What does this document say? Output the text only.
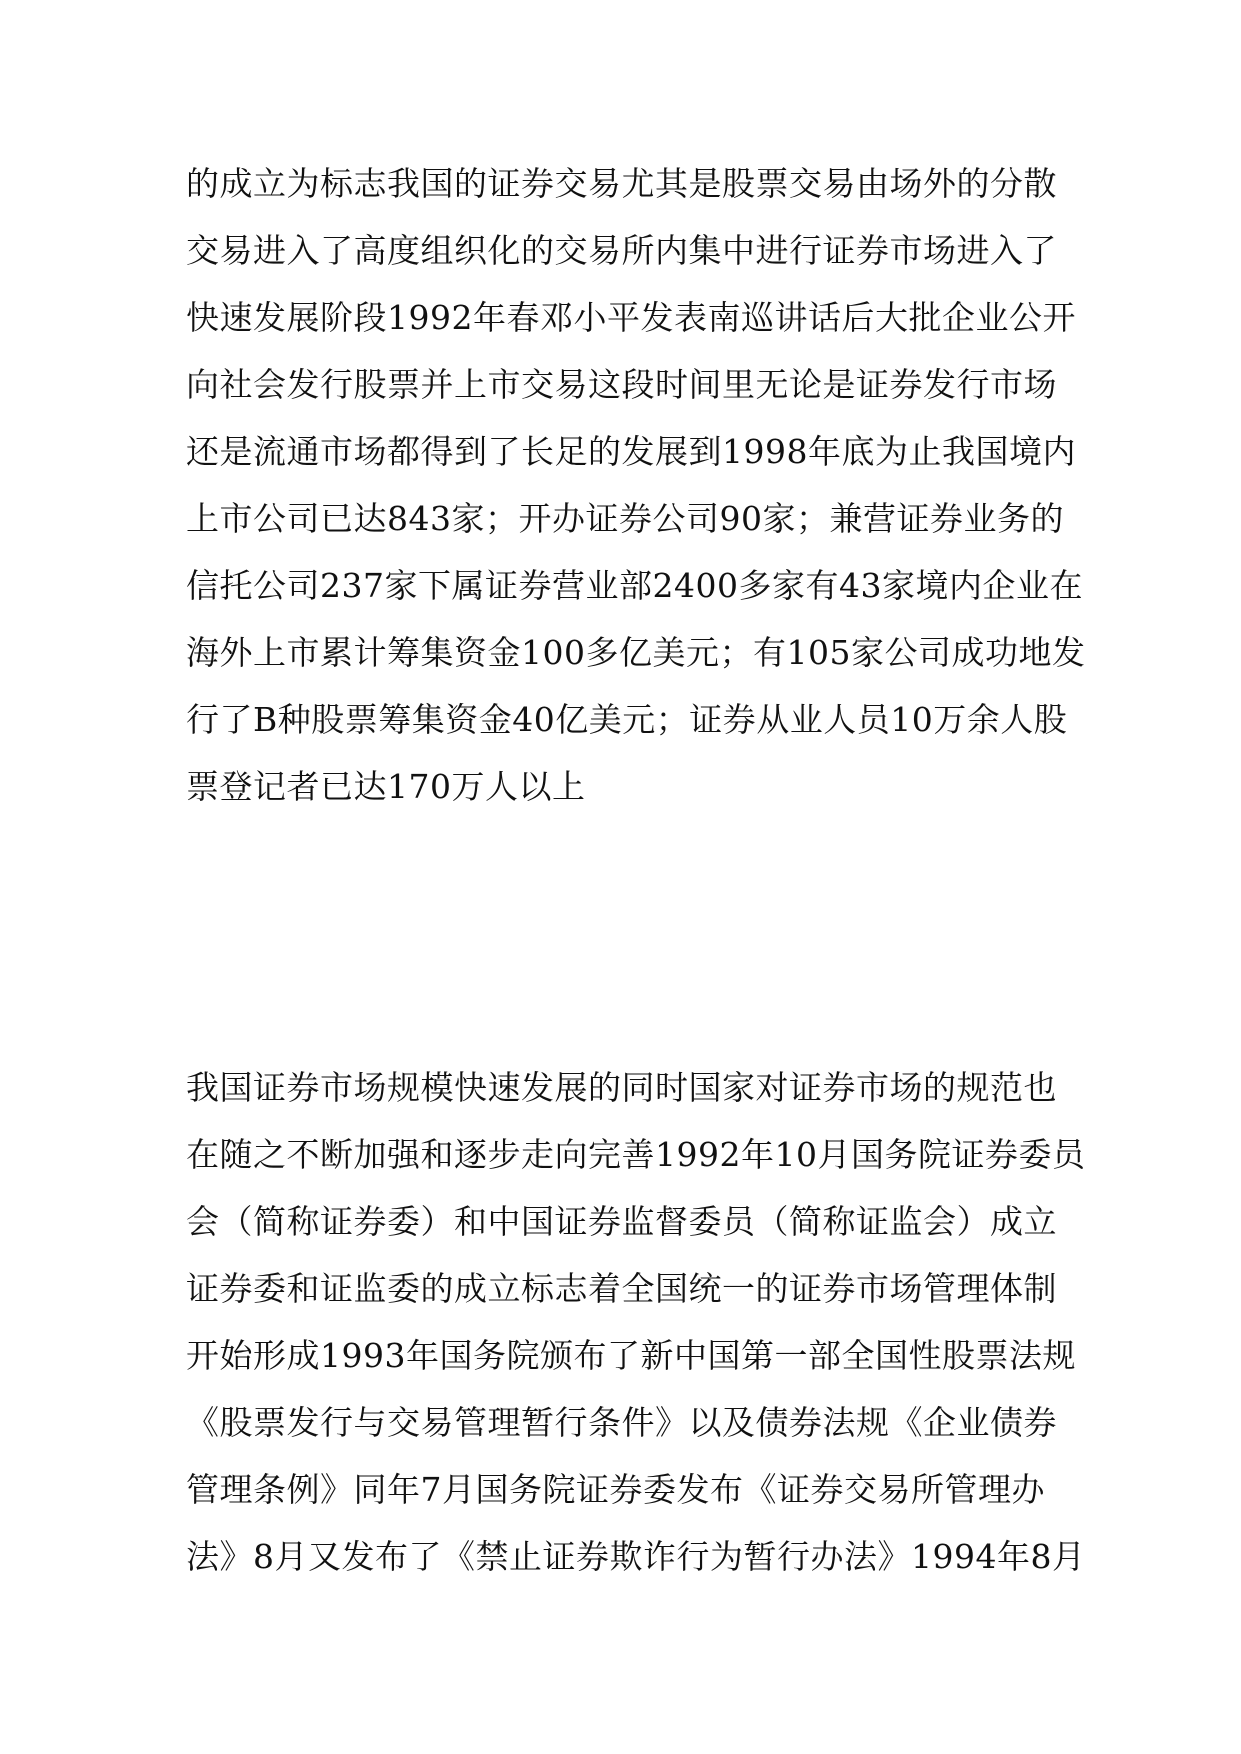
的成立为标志我国的证券交易尤其是股票交易由场外的分散
交易进入了高度组织化的交易所内集中进行证券市场进入了
快速发展阶段1992年春邓小平发表南巡讲话后大批企业公开
向社会发行股票并上市交易这段时间里无论是证券发行市场
还是流通市场都得到了长足的发展到1998年底为止我国境内
上市公司已达843家；开办证券公司90家；兼营证券业务的
信托公司237家下属证券营业部2400多家有43家境内企业在
海外上市累计筹集资金100多亿美元；有105家公司成功地发
行了B种股票筹集资金40亿美元；证券从业人员10万余人股
票登记者已达170万人以上
我国证券市场规模快速发展的同时国家对证券市场的规范也
在随之不断加强和逐步走向完善1992年10月国务院证券委员
会（简称证券委）和中国证券监督委员（简称证监会）成立
证券委和证监委的成立标志着全国统一的证券市场管理体制
开始形成1993年国务院颁布了新中国第一部全国性股票法规
《股票发行与交易管理暂行条件》以及债券法规《企业债券
管理条例》同年7月国务院证券委发布《证券交易所管理办
法》8月又发布了《禁止证券欺诈行为暂行办法》1994年8月
